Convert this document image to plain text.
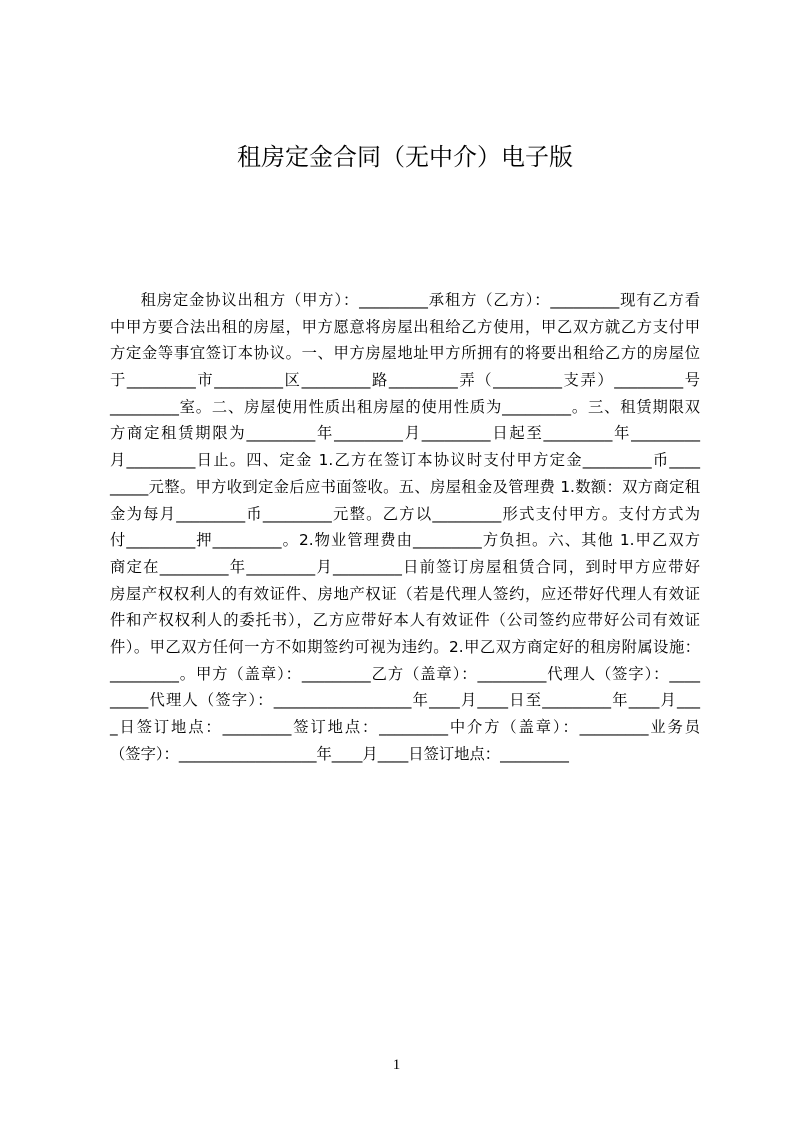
租房定金合同（无中介）电子版
租房定金协议出租方（甲方）：_________承租方（乙方）：_________现有乙方看
中甲方要合法出租的房屋，甲方愿意将房屋出租给乙方使用，甲乙双方就乙方支付甲
方定金等事宜签订本协议。一、甲方房屋地址甲方所拥有的将要出租给乙方的房屋位
于_________市_________区_________路_________弄（_________支弄）_________号
_________室。二、房屋使用性质出租房屋的使用性质为_________。三、租赁期限双
方商定租赁期限为_________年_________月_________日起至_________年_________
月_________日止。四、定金 1.乙方在签订本协议时支付甲方定金_________币____
_____元整。甲方收到定金后应书面签收。五、房屋租金及管理费 1.数额：双方商定租
金为每月_________币_________元整。乙方以_________形式支付甲方。支付方式为
付_________押_________。2.物业管理费由_________方负担。六、其他 1.甲乙双方
商定在_________年_________月_________日前签订房屋租赁合同，到时甲方应带好
房屋产权权利人的有效证件、房地产权证（若是代理人签约，应还带好代理人有效证
件和产权权利人的委托书），乙方应带好本人有效证件（公司签约应带好公司有效证
件）。甲乙双方任何一方不如期签约可视为违约。2.甲乙双方商定好的租房附属设施：
_________。甲方（盖章）：_________乙方（盖章）：_________代理人（签字）：____
_____代理人（签字）：__________________年____月____日至_________年____月___
_日签订地点：_________签订地点：_________中介方（盖章）：_________业务员
（签字）：__________________年____月____日签订地点：_________
1
